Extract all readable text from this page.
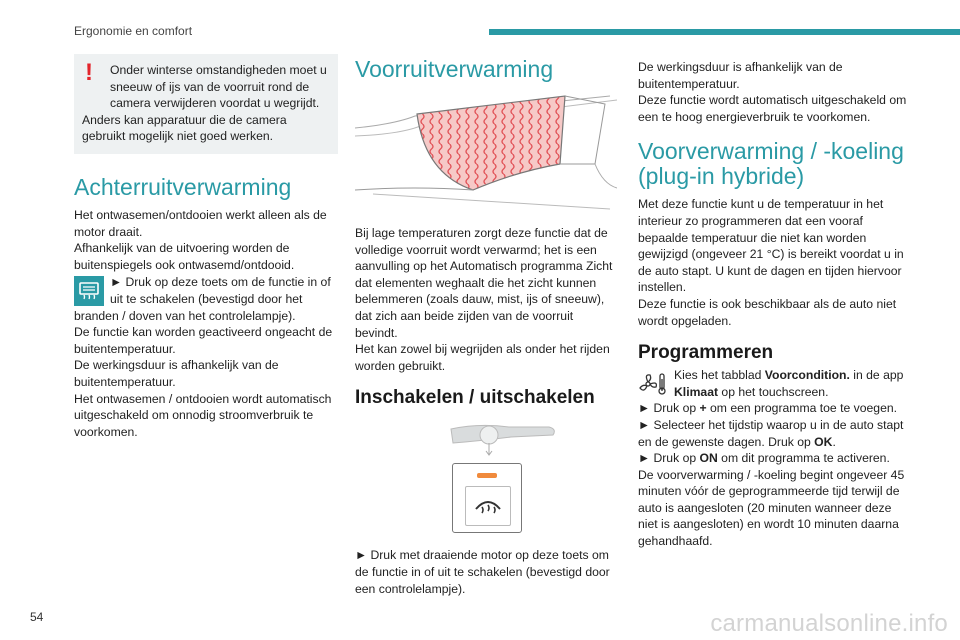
Ergonomie en comfort
!	Onder winterse omstandigheden moet u sneeuw of ijs van de voorruit rond de camera verwijderen voordat u wegrijdt.

Anders kan apparatuur die de camera gebruikt mogelijk niet goed werken.

Achterruitverwarming

Het ontwasemen/ontdooien werkt alleen als de motor draait.

Afhankelijk van de uitvoering worden de buitenspiegels ook ontwasemd/ontdooid.

► Druk op deze toets om de functie in of uit te schakelen (bevestigd door het branden / doven van het controlelampje).

De functie kan worden geactiveerd ongeacht de buitentemperatuur.

De werkingsduur is afhankelijk van de buitentemperatuur.

Het ontwasemen / ontdooien wordt automatisch uitgeschakeld om onnodig stroomverbruik te voorkomen.

Voorruitverwarming

Bij lage temperaturen zorgt deze functie dat de volledige voorruit wordt verwarmd; het is een aanvulling op het Automatisch programma Zicht dat elementen weghaalt die het zicht kunnen belemmeren (zoals dauw, mist, ijs of sneeuw), dat zich aan beide zijden van de voorruit bevindt.

Het kan zowel bij wegrijden als onder het rijden worden gebruikt.

Inschakelen / uitschakelen

► Druk met draaiende motor op deze toets om de functie in of uit te schakelen (bevestigd door een controlelampje).

De werkingsduur is afhankelijk van de buitentemperatuur.

Deze functie wordt automatisch uitgeschakeld om een te hoog energieverbruik te voorkomen.

Voorverwarming / -koeling (plug-in hybride)

Met deze functie kunt u de temperatuur in het interieur zo programmeren dat een vooraf bepaalde temperatuur die niet kan worden gewijzigd (ongeveer 21 °C) is bereikt voordat u in de auto stapt. U kunt de dagen en tijden hiervoor instellen.

Deze functie is ook beschikbaar als de auto niet wordt opgeladen.

Programmeren

Kies het tabblad Voorcondition. in de app Klimaat op het touchscreen.

► Druk op + om een programma toe te voegen.

► Selecteer het tijdstip waarop u in de auto stapt en de gewenste dagen. Druk op OK.

► Druk op ON om dit programma te activeren.

De voorverwarming / -koeling begint ongeveer 45 minuten vóór de geprogrammeerde tijd terwijl de auto is aangesloten (20 minuten wanneer deze niet is aangesloten) en wordt 10 minuten daarna gehandhaafd.

54	carmanualsonline.info
